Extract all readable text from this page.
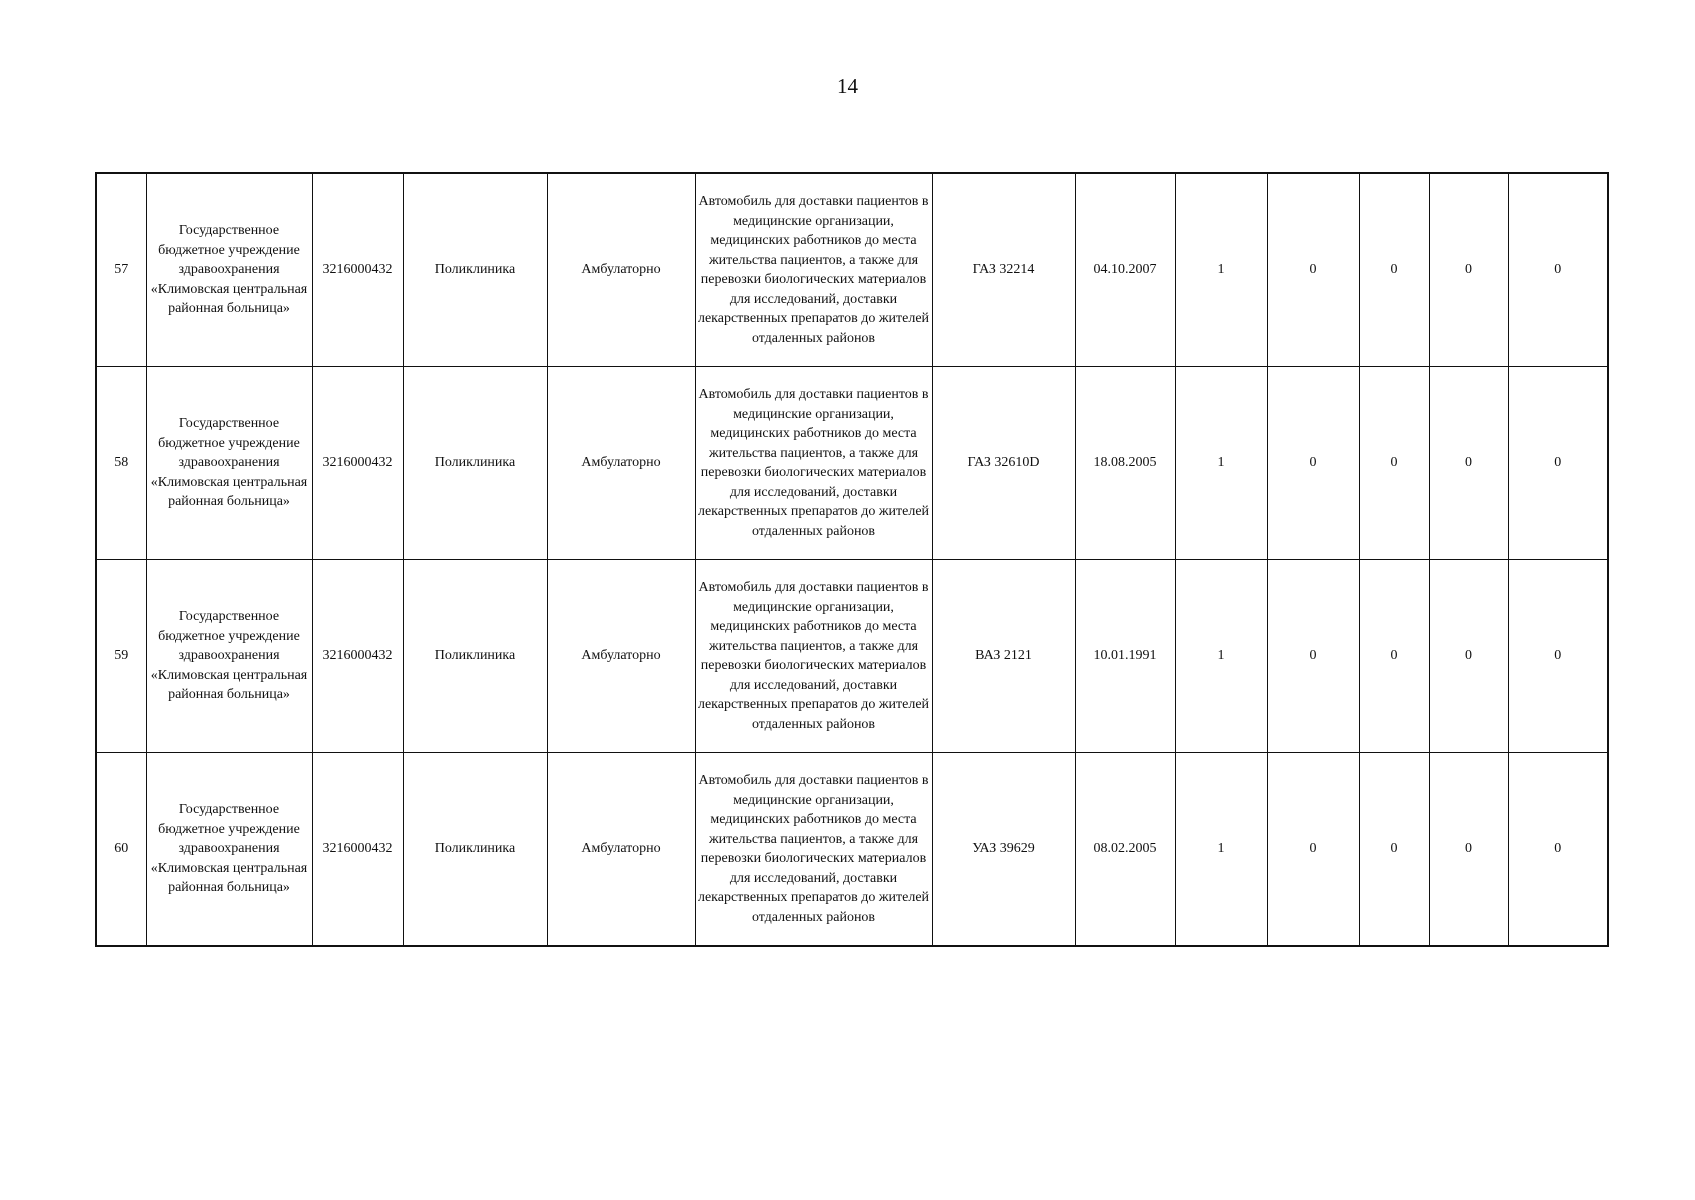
14
57	Государственное бюджетное учреждение здравоохранения «Климовская центральная районная больница»	3216000432	Поликлиника	Амбулаторно	Автомобиль для доставки пациентов в медицинские организации, медицинских работников до места жительства пациентов, а также для перевозки биологических материалов для исследований, доставки лекарственных препаратов до жителей отдаленных районов	ГАЗ 32214	04.10.2007	1	0	0	0	0
58	Государственное бюджетное учреждение здравоохранения «Климовская центральная районная больница»	3216000432	Поликлиника	Амбулаторно	Автомобиль для доставки пациентов в медицинские организации, медицинских работников до места жительства пациентов, а также для перевозки биологических материалов для исследований, доставки лекарственных препаратов до жителей отдаленных районов	ГАЗ 32610D	18.08.2005	1	0	0	0	0
59	Государственное бюджетное учреждение здравоохранения «Климовская центральная районная больница»	3216000432	Поликлиника	Амбулаторно	Автомобиль для доставки пациентов в медицинские организации, медицинских работников до места жительства пациентов, а также для перевозки биологических материалов для исследований, доставки лекарственных препаратов до жителей отдаленных районов	ВАЗ 2121	10.01.1991	1	0	0	0	0
60	Государственное бюджетное учреждение здравоохранения «Климовская центральная районная больница»	3216000432	Поликлиника	Амбулаторно	Автомобиль для доставки пациентов в медицинские организации, медицинских работников до места жительства пациентов, а также для перевозки биологических материалов для исследований, доставки лекарственных препаратов до жителей отдаленных районов	УАЗ 39629	08.02.2005	1	0	0	0	0
